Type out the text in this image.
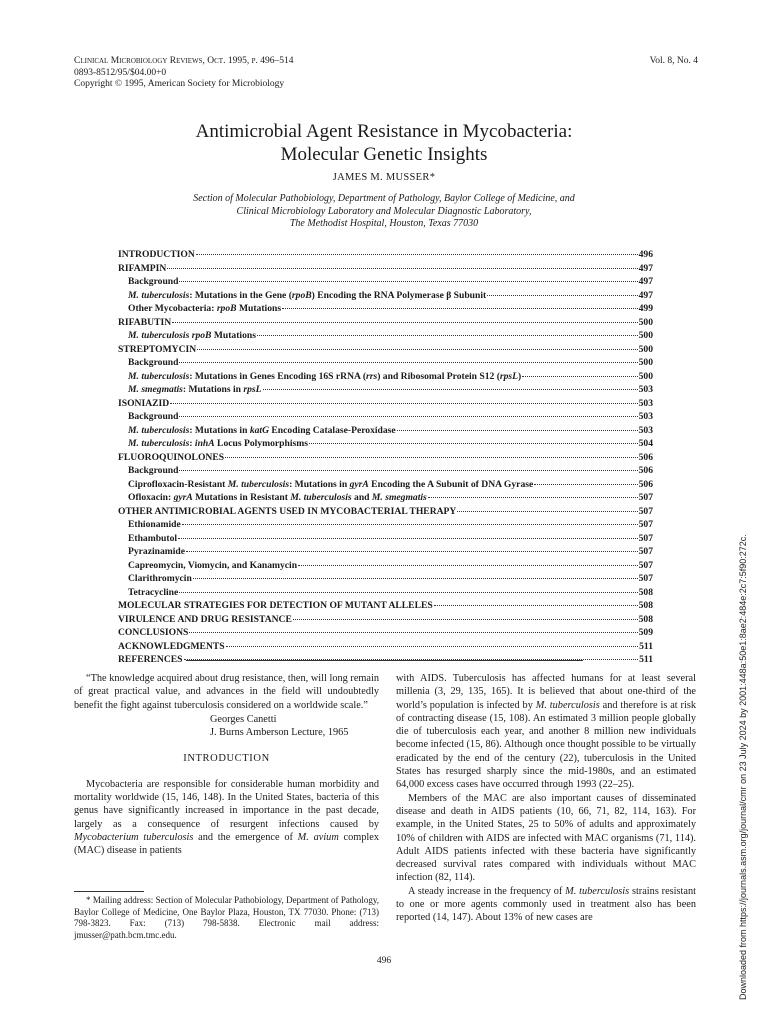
Clinical Microbiology Reviews, Oct. 1995, p. 496–514
0893-8512/95/$04.00+0
Copyright © 1995, American Society for Microbiology
Vol. 8, No. 4
Antimicrobial Agent Resistance in Mycobacteria:
Molecular Genetic Insights
JAMES M. MUSSER*
Section of Molecular Pathobiology, Department of Pathology, Baylor College of Medicine, and
Clinical Microbiology Laboratory and Molecular Diagnostic Laboratory,
The Methodist Hospital, Houston, Texas 77030
INTRODUCTION	496
RIFAMPIN	497
Background	497
M. tuberculosis: Mutations in the Gene (rpoB) Encoding the RNA Polymerase β Subunit	497
Other Mycobacteria: rpoB Mutations	499
RIFABUTIN	500
M. tuberculosis rpoB Mutations	500
STREPTOMYCIN	500
Background	500
M. tuberculosis: Mutations in Genes Encoding 16S rRNA (rrs) and Ribosomal Protein S12 (rpsL)	500
M. smegmatis: Mutations in rpsL	503
ISONIAZID	503
Background	503
M. tuberculosis: Mutations in katG Encoding Catalase-Peroxidase	503
M. tuberculosis: inhA Locus Polymorphisms	504
FLUOROQUINOLONES	506
Background	506
Ciprofloxacin-Resistant M. tuberculosis: Mutations in gyrA Encoding the A Subunit of DNA Gyrase	506
Ofloxacin: gyrA Mutations in Resistant M. tuberculosis and M. smegmatis	507
OTHER ANTIMICROBIAL AGENTS USED IN MYCOBACTERIAL THERAPY	507
Ethionamide	507
Ethambutol	507
Pyrazinamide	507
Capreomycin, Viomycin, and Kanamycin	507
Clarithromycin	507
Tetracycline	508
MOLECULAR STRATEGIES FOR DETECTION OF MUTANT ALLELES	508
VIRULENCE AND DRUG RESISTANCE	508
CONCLUSIONS	509
ACKNOWLEDGMENTS	511
REFERENCES	511

“The knowledge acquired about drug resistance, then, will long remain of great practical value, and advances in the field will undoubtedly benefit the fight against tuberculosis considered on a worldwide scale.”

Georges Canetti
J. Burns Amberson Lecture, 1965
INTRODUCTION

Mycobacteria are responsible for considerable human morbidity and mortality worldwide (15, 146, 148). In the United States, bacteria of this genus have significantly increased in importance in the past decade, largely as a consequence of resurgent infections caused by Mycobacterium tuberculosis and the emergence of M. avium complex (MAC) disease in patients

* Mailing address: Section of Molecular Pathobiology, Department of Pathology, Baylor College of Medicine, One Baylor Plaza, Houston, TX 77030. Phone: (713) 798-3823. Fax: (713) 798-5838. Electronic mail address: jmusser@path.bcm.tmc.edu.

with AIDS. Tuberculosis has affected humans for at least several millenia (3, 29, 135, 165). It is believed that about one-third of the world’s population is infected by M. tuberculosis and therefore is at risk of contracting disease (15, 108). An estimated 3 million people globally die of tuberculosis each year, and another 8 million new individuals become infected (15, 86). Although once thought possible to be virtually eradicated by the end of the century (22), tuberculosis in the United States has resurged sharply since the mid-1980s, and an estimated 64,000 excess cases have occurred through 1993 (22–25).

Members of the MAC are also important causes of disseminated disease and death in AIDS patients (10, 66, 71, 82, 114, 163). For example, in the United States, 25 to 50% of adults and approximately 10% of children with AIDS are infected with MAC organisms (71, 114). Adult AIDS patients infected with these bacteria have significantly decreased survival rates compared with individuals without MAC infection (82, 114).

A steady increase in the frequency of M. tuberculosis strains resistant to one or more agents commonly used in treatment also has been reported (14, 147). About 13% of new cases are

496	Downloaded from https://journals.asm.org/journal/cmr on 23 July 2024 by 2001:448a:50e1:8ae2:484e:2c7:5f90:272c.
